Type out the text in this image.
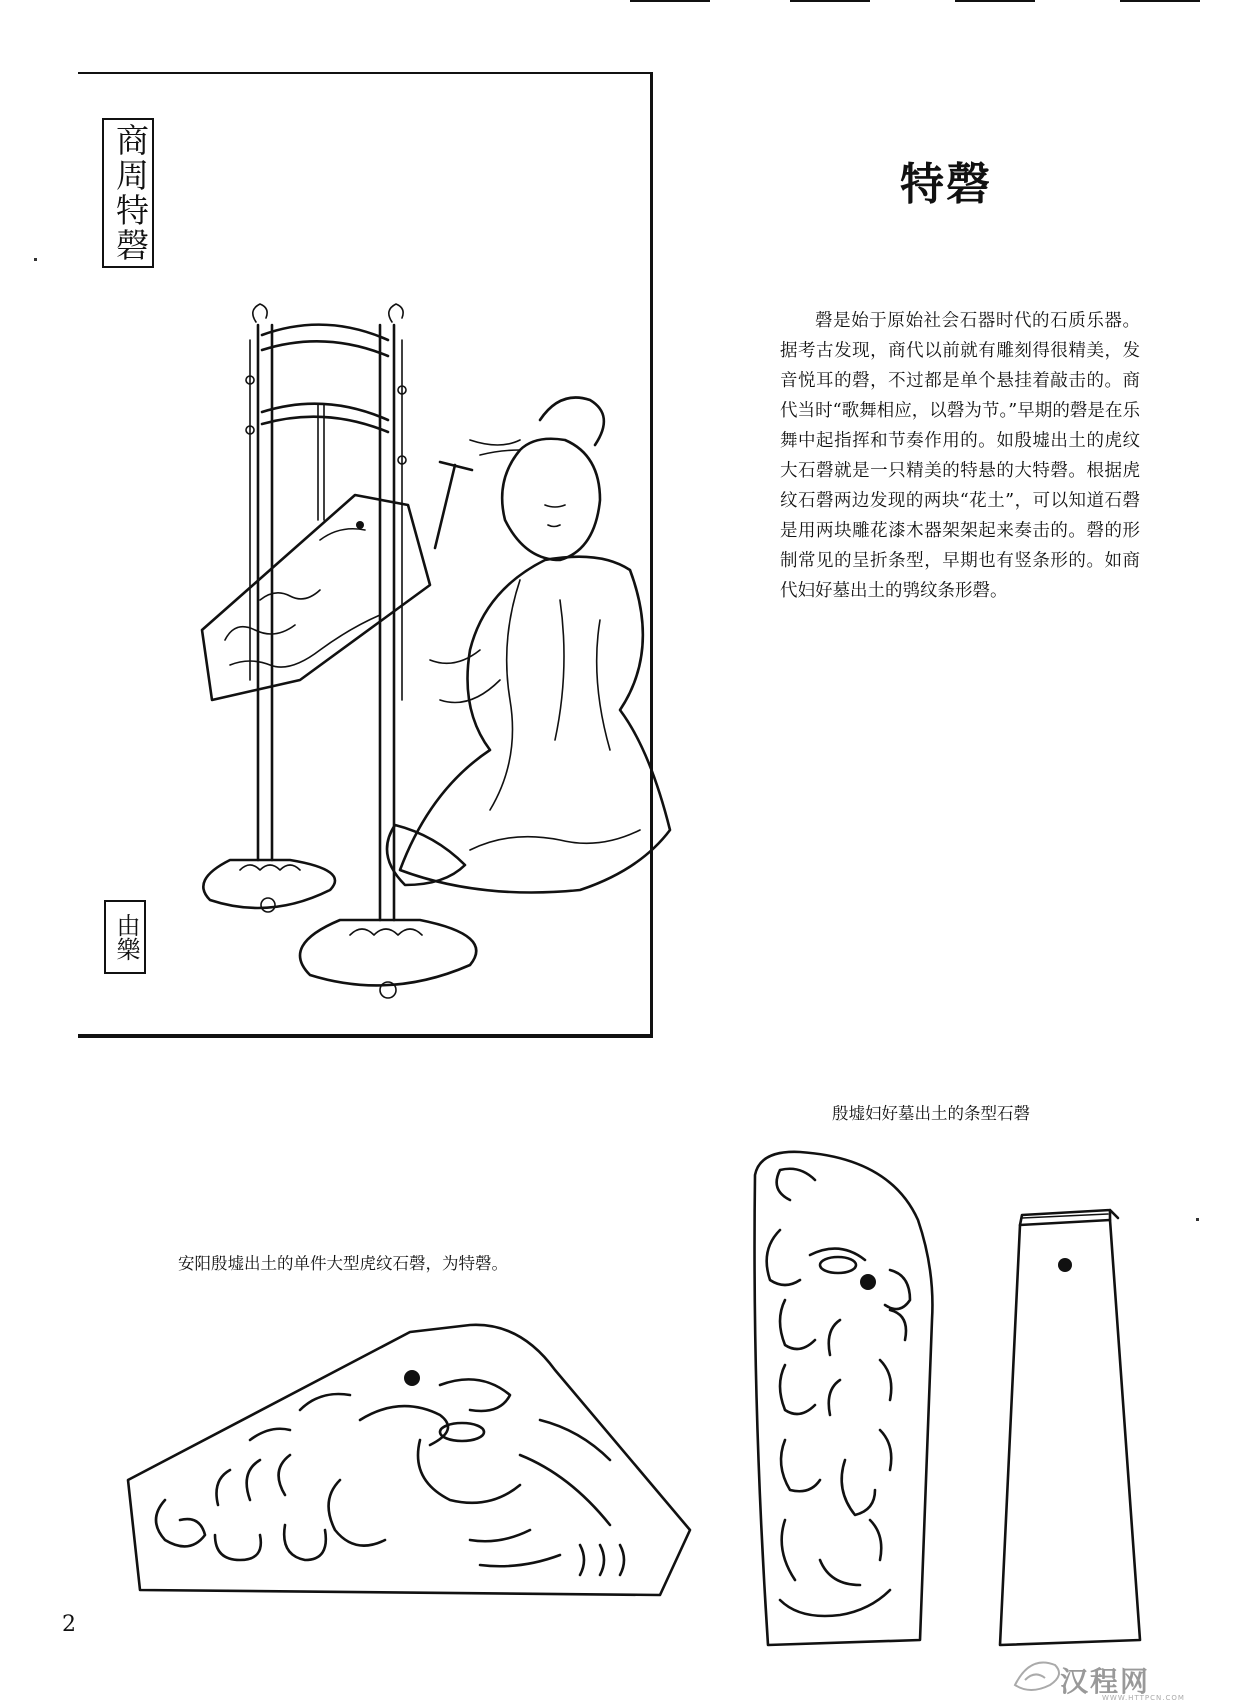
商周特磬
由樂
特磬
磬是始于原始社会石器时代的石质乐器。据考古发现，商代以前就有雕刻得很精美，发音悦耳的磬，不过都是单个悬挂着敲击的。商代当时“歌舞相应，以磬为节。”早期的磬是在乐舞中起指挥和节奏作用的。如殷墟出土的虎纹大石磬就是一只精美的特悬的大特磬。根据虎纹石磬两边发现的两块“花土”，可以知道石磬是用两块雕花漆木器架架起来奏击的。磬的形制常见的呈折条型，早期也有竖条形的。如商代妇好墓出土的鸮纹条形磬。
殷墟妇好墓出土的条型石磬
安阳殷墟出土的单件大型虎纹石磬，为特磬。
2
汉程网
WWW.HTTPCN.COM
